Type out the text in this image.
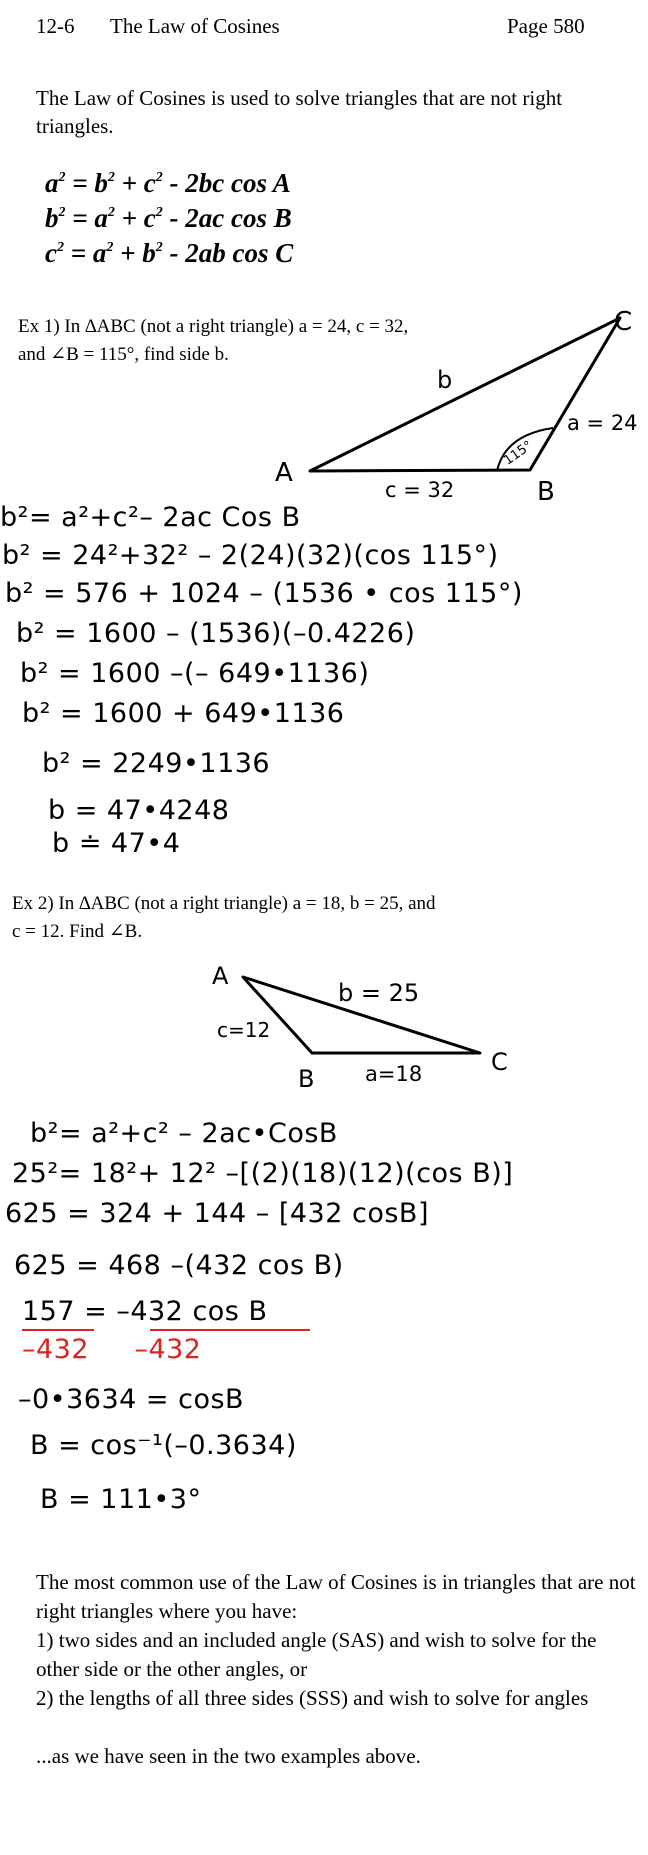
12-6 The Law of Cosines	Page 580
The Law of Cosines is used to solve triangles that are not right triangles.
$a^2 = b^2 + c^2 - 2bc$ cos A
$b^2 = a^2 + c^2 - 2ac$ cos B
$c^2 = a^2 + b^2 - 2ab$ cos C
Ex 1) In ∆ABC (not a right triangle) a = 24, c = 32,
and ∠B = 115°, find side b.
A
B
C
b
a = 24
c = 32
115°
b²= a²+c²– 2ac Cos B
b² = 24²+32² – 2(24)(32)(cos 115°)
b² = 576 + 1024 – (1536 • cos 115°)
b² = 1600 – (1536)(–0.4226)
b² = 1600 –(– 649•1136)
b² = 1600 + 649•1136
b² = 2249•1136
b = 47•4248
b ≐ 47•4
Ex 2) In ∆ABC (not a right triangle) a = 18, b = 25, and
c = 12. Find ∠B.
A
B
C
b = 25
c=12
a=18
b²= a²+c² – 2ac•CosB
25²= 18²+ 12² –[(2)(18)(12)(cos B)]
625 = 324 + 144 – [432 cosB]
625 = 468 –(432 cos B)
157 = –432 cos B
–432     –432
–0•3634 = cosB
B = cos⁻¹(–0.3634)
B = 111•3°
The most common use of the Law of Cosines is in triangles that are not right triangles where you have:
1) two sides and an included angle (SAS) and wish to solve for the other side or the other angles, or
2) the lengths of all three sides (SSS) and wish to solve for angles
...as we have seen in the two examples above.
